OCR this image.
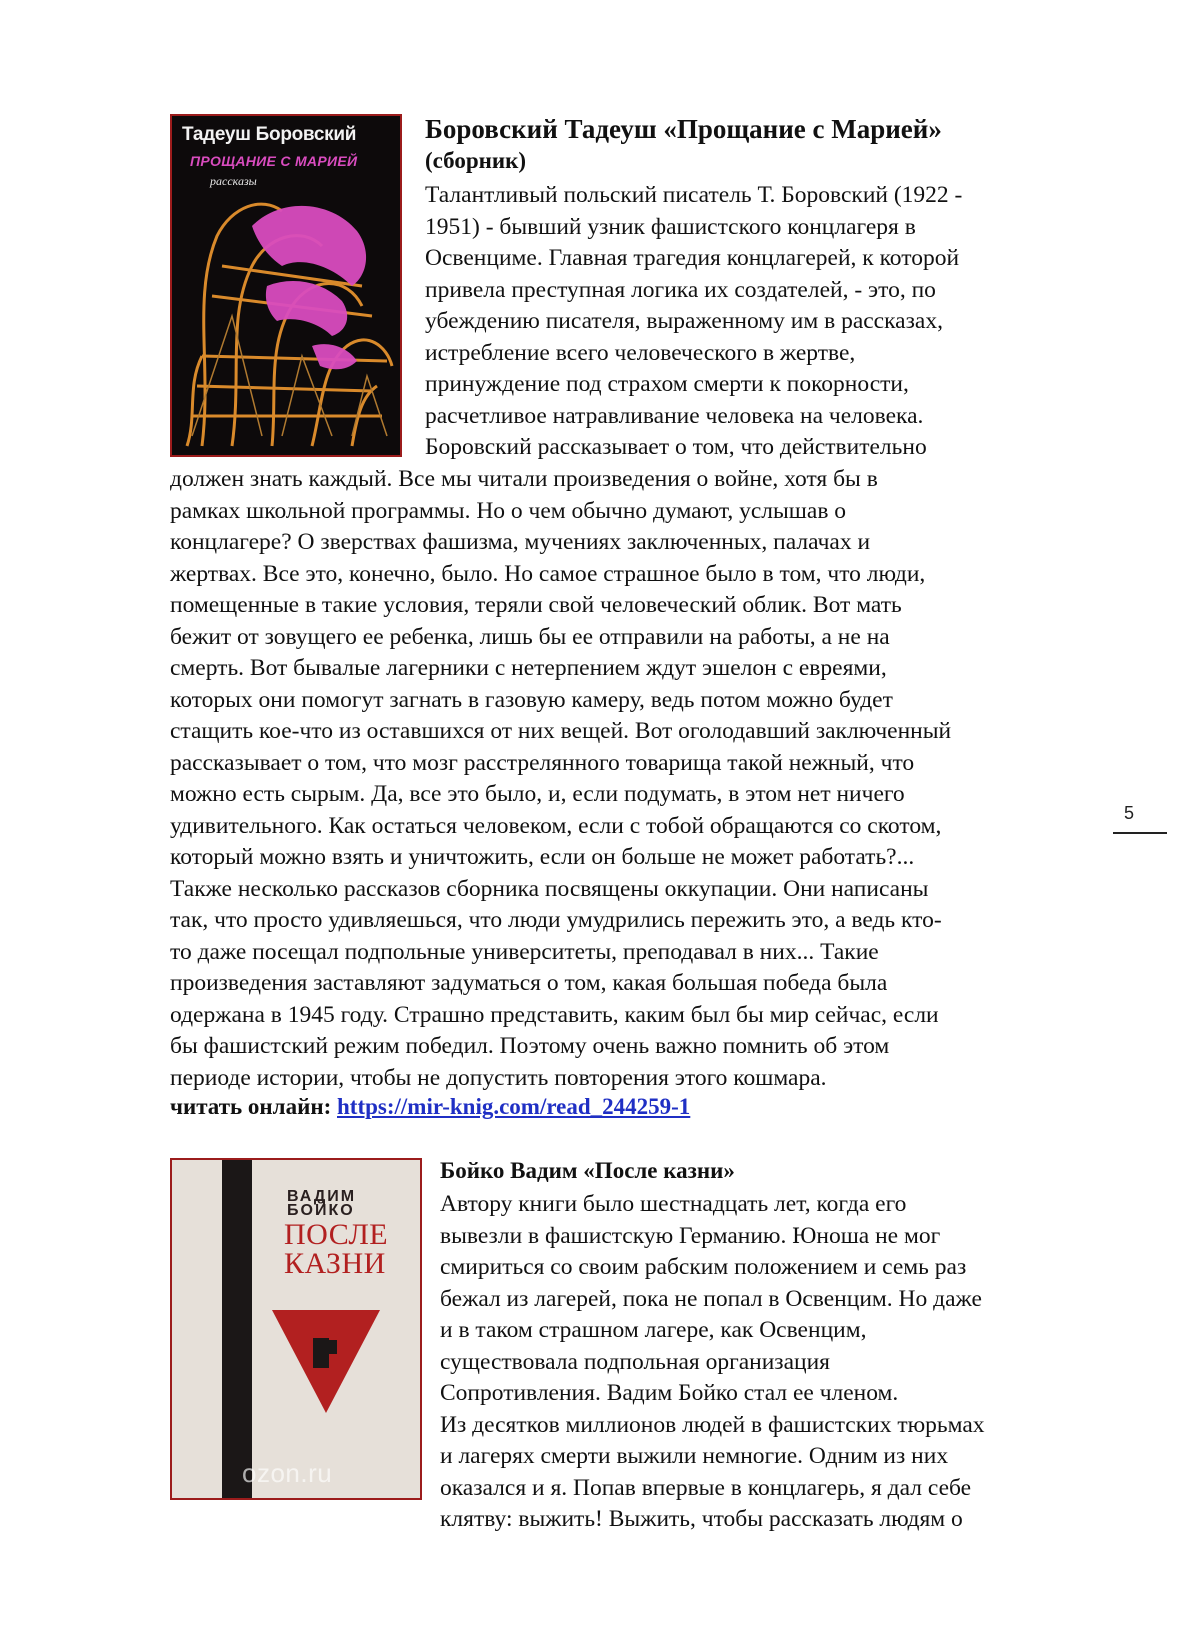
Тадеуш Боровский
ПРОЩАНИЕ С МАРИЕЙ
рассказы
Боровский Тадеуш «Прощание с Марией»
(сборник)
Талантливый польский писатель Т. Боровский (1922 -
1951) - бывший узник фашистского концлагеря в
Освенциме. Главная трагедия концлагерей, к которой
привела преступная логика их создателей, - это, по
убеждению писателя, выраженному им в рассказах,
истребление всего человеческого в жертве,
принуждение под страхом смерти к покорности,
расчетливое натравливание человека на человека.
Боровский рассказывает о том, что действительно
должен знать каждый. Все мы читали произведения о войне, хотя бы в
рамках школьной программы. Но о чем обычно думают, услышав о
концлагере? О зверствах фашизма, мучениях заключенных, палачах и
жертвах. Все это, конечно, было. Но самое страшное было в том, что люди,
помещенные в такие условия, теряли свой человеческий облик. Вот мать
бежит от зовущего ее ребенка, лишь бы ее отправили на работы, а не на
смерть. Вот бывалые лагерники с нетерпением ждут эшелон с евреями,
которых они помогут загнать в газовую камеру, ведь потом можно будет
стащить кое-что из оставшихся от них вещей. Вот оголодавший заключенный
рассказывает о том, что мозг расстрелянного товарища такой нежный, что
можно есть сырым. Да, все это было, и, если подумать, в этом нет ничего
удивительного. Как остаться человеком, если с тобой обращаются со скотом,
который можно взять и уничтожить, если он больше не может работать?...
Также несколько рассказов сборника посвящены оккупации. Они написаны
так, что просто удивляешься, что люди умудрились пережить это, а ведь кто-
то даже посещал подпольные университеты, преподавал в них... Такие
произведения заставляют задуматься о том, какая большая победа была
одержана в 1945 году. Страшно представить, каким был бы мир сейчас, если
бы фашистский режим победил. Поэтому очень важно помнить об этом
периоде истории, чтобы не допустить повторения этого кошмара.
читать онлайн: https://mir-knig.com/read_244259-1
ВАДИМ
БОЙКО
ПОСЛЕ
КАЗНИ
ozon.ru
Бойко Вадим «После казни»
Автору книги было шестнадцать лет, когда его
вывезли в фашистскую Германию. Юноша не мог
смириться со своим рабским положением и семь раз
бежал из лагерей, пока не попал в Освенцим. Но даже
и в таком страшном лагере, как Освенцим,
существовала подпольная организация
Сопротивления. Вадим Бойко стал ее членом.
Из десятков миллионов людей в фашистских тюрьмах
и лагерях смерти выжили немногие. Одним из них
оказался и я. Попав впервые в концлагерь, я дал себе
клятву: выжить! Выжить, чтобы рассказать людям о
5
